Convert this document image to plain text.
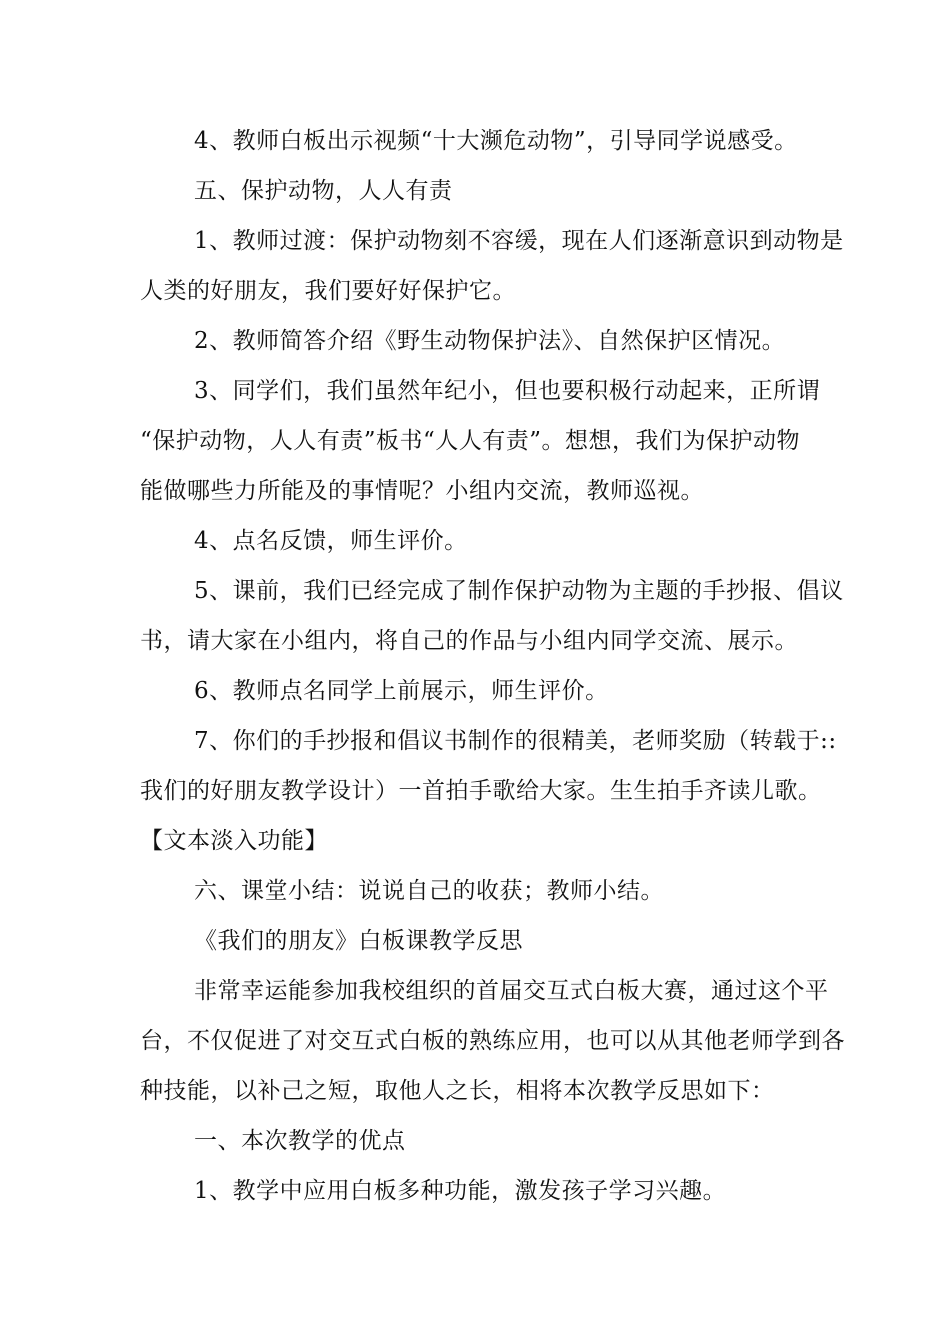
4、教师白板出示视频“十大濒危动物”，引导同学说感受。
五、保护动物，人人有责
1、教师过渡：保护动物刻不容缓，现在人们逐渐意识到动物是
人类的好朋友，我们要好好保护它。
2、教师简答介绍《野生动物保护法》、自然保护区情况。
3、同学们，我们虽然年纪小，但也要积极行动起来，正所谓
“保护动物，人人有责”板书“人人有责”。想想，我们为保护动物
能做哪些力所能及的事情呢？小组内交流，教师巡视。
4、点名反馈，师生评价。
5、课前，我们已经完成了制作保护动物为主题的手抄报、倡议
书，请大家在小组内，将自己的作品与小组内同学交流、展示。
6、教师点名同学上前展示，师生评价。
7、你们的手抄报和倡议书制作的很精美，老师奖励（转载于::
我们的好朋友教学设计）一首拍手歌给大家。生生拍手齐读儿歌。
【文本淡入功能】
六、课堂小结：说说自己的收获；教师小结。
《我们的朋友》白板课教学反思
非常幸运能参加我校组织的首届交互式白板大赛，通过这个平
台，不仅促进了对交互式白板的熟练应用，也可以从其他老师学到各
种技能，以补己之短，取他人之长，相将本次教学反思如下：
一、本次教学的优点
1、教学中应用白板多种功能，激发孩子学习兴趣。
